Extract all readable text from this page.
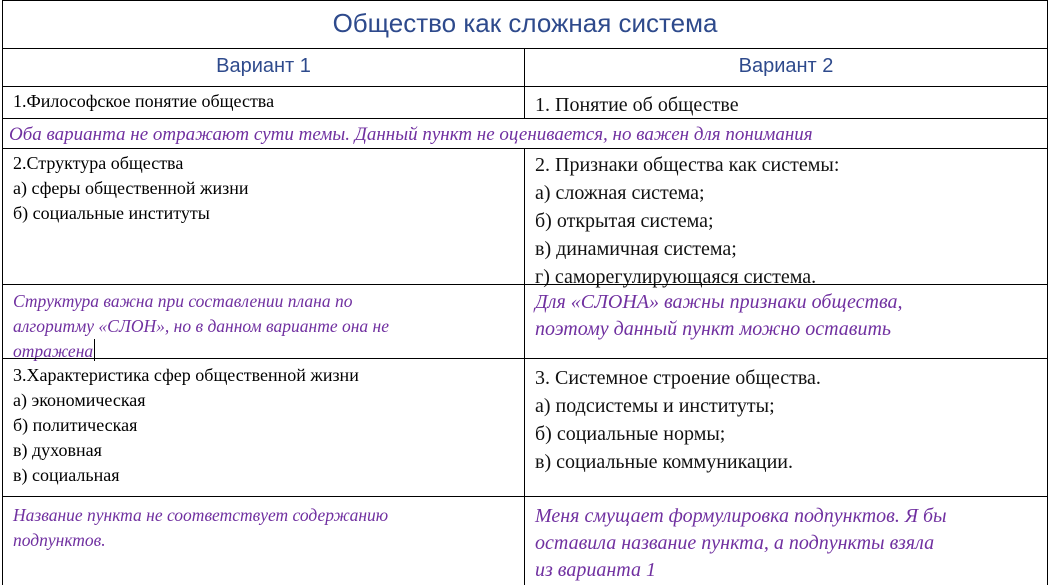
Общество как сложная система
Вариант 1	Вариант 2
1.Философское понятие общества	1. Понятие об обществе
Оба варианта не отражают сути темы. Данный пункт не оценивается, но важен для понимания
2.Структура общества
а) сферы общественной жизни
б) социальные институты
2. Признаки общества как системы:
а) сложная система;
б) открытая система;
в) динамичная система;
г) саморегулирующаяся система.
Структура важна при составлении плана по
алгоритму «СЛОН», но в данном варианте она не
отражена
Для «СЛОНА» важны признаки общества,
поэтому данный пункт можно оставить
3.Характеристика сфер общественной жизни
а) экономическая
б) политическая
в) духовная
в) социальная
3. Системное строение общества.
а) подсистемы и институты;
б) социальные нормы;
в) социальные коммуникации.
Название пункта не соответствует содержанию
подпунктов.
Меня смущает формулировка подпунктов. Я бы
оставила название пункта, а подпункты взяла
из варианта 1
